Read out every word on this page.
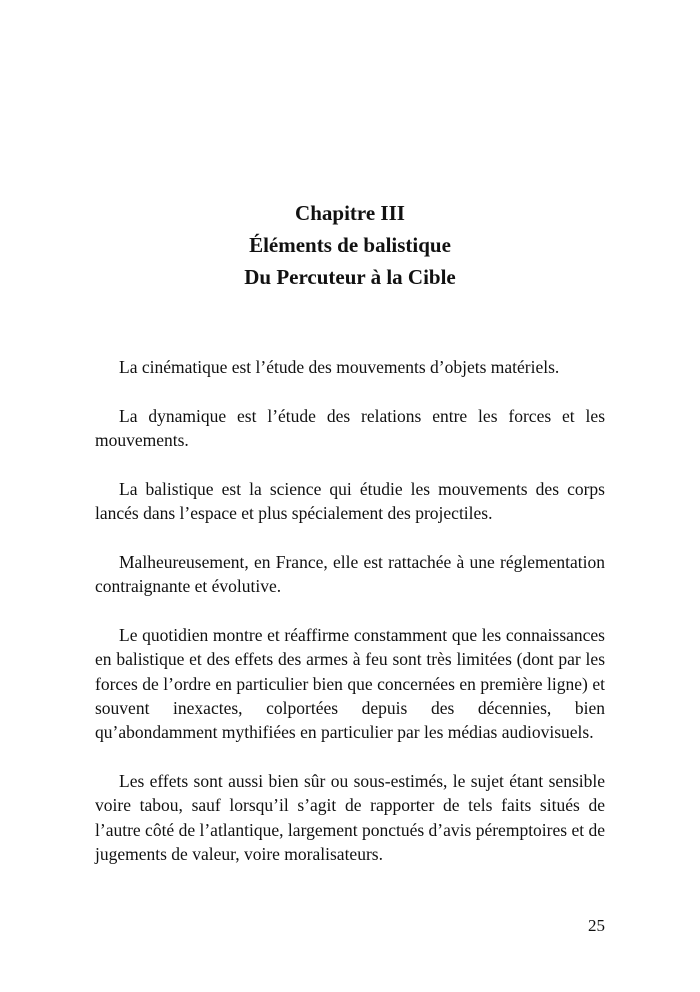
Chapitre III
Éléments de balistique
Du Percuteur à la Cible

La cinématique est l’étude des mouvements d’objets matériels.

La dynamique est l’étude des relations entre les forces et les mouvements.

La balistique est la science qui étudie les mouvements des corps lancés dans l’espace et plus spécialement des projectiles.

Malheureusement, en France, elle est rattachée à une réglementation contraignante et évolutive.

Le quotidien montre et réaffirme constamment que les connaissances en balistique et des effets des armes à feu sont très limitées (dont par les forces de l’ordre en particulier bien que concernées en première ligne) et souvent inexactes, colportées depuis des décennies, bien qu’abondamment mythifiées en particulier par les médias audiovisuels.

Les effets sont aussi bien sûr ou sous-estimés, le sujet étant sensible voire tabou, sauf lorsqu’il s’agit de rapporter de tels faits situés de l’autre côté de l’atlantique, largement ponctués d’avis péremptoires et de jugements de valeur, voire moralisateurs.

25
